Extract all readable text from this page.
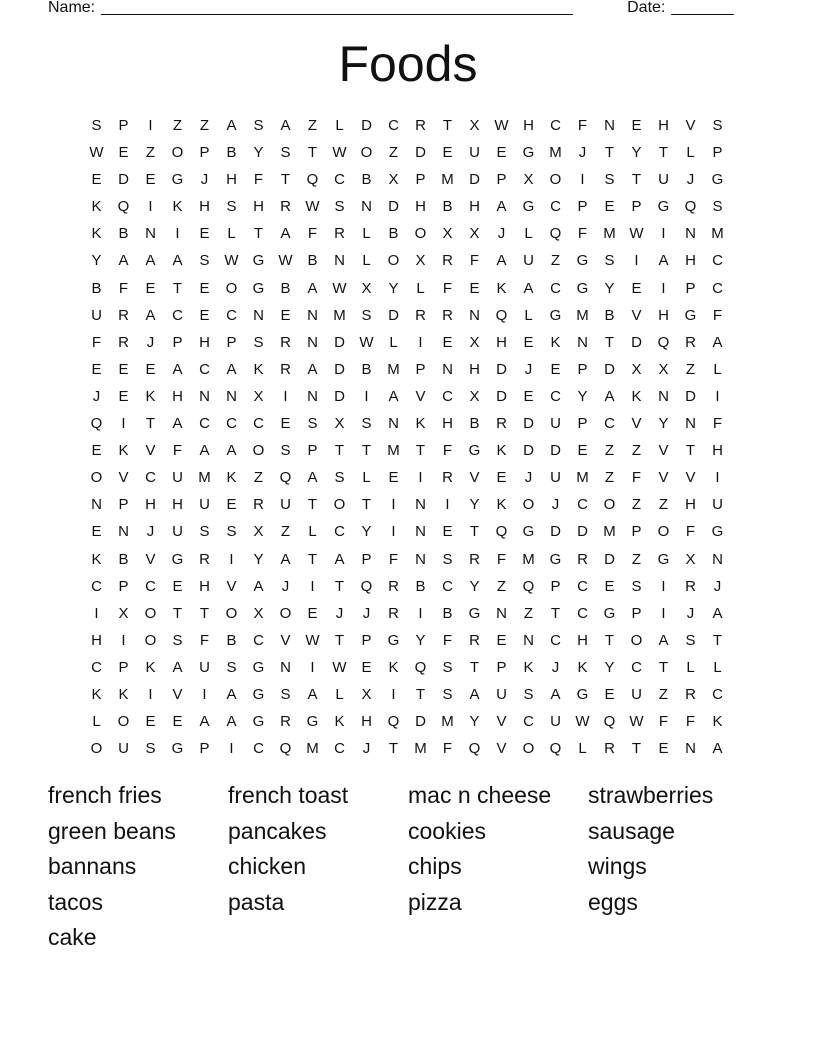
Name: _____________________________________________________	Date: _______
Foods
S	P	I	Z	Z	A	S	A	Z	L	D	C	R	T	X W H	C	F	N	E	H	V	S
W E	Z	O	P	B	Y	S	T	W O	Z	D	E	U	E	G M	J	T	Y	T	L	P
E	D	E	G	J	H	F	T	Q	C	B	X	P	M	D	P	X	O	I	S	T	U	J	G
K	Q	I	K	H	S	H	R W S	N	D	H	B	H	A	G	C	P	E	P	G	Q	S
K	B	N	I	E	L	T	A	F	R	L	B	O	X	X	J	L	Q	F	M W	I	N	M
Y	A	A	A	S W G W B	N	L	O	X	R	F	A	U	Z	G	S	I	A	H	C
B	F	E	T	E	O	G	B	A W X	Y	L	F	E	K	A	C	G	Y	E	I	P	C
U	R	A	C	E	C	N	E	N	M	S	D	R	R	N	Q	L	G M	B	V	H	G	F
F	R	J	P	H	P	S	R	N	D W	L	I	E	X	H	E	K	N	T	D	Q	R	A
E	E	E	A	C	A	K	R	A	D	B	M	P	N	H	D	J	E	P	D	X	X	Z	L
J	E	K	H	N	N	X	I	N	D	I	A	V	C	X	D	E	C	Y	A	K	N	D	I
Q	I	T	A	C	C	C	E	S	X	S	N	K	H	B	R	D	U	P	C	V	Y	N	F
E	K	V	F	A	A	O	S	P	T	T	M	T	F	G	K	D	D	E	Z	Z	V	T	H
O	V	C	U	M	K	Z	Q	A	S	L	E	I	R	V	E	J	U	M	Z	F	V	V	I
N	P	H	H	U	E	R	U	T	O	T	I	N	I	Y	K	O	J	C	O	Z	Z	H	U
E	N	J	U	S	S	X	Z	L	C	Y	I	N	E	T	Q	G	D	D	M	P	O	F	G
K	B	V	G	R	I	Y	A	T	A	P	F	N	S	R	F	M G	R	D	Z	G	X	N
C	P	C	E	H	V	A	J	I	T	Q	R	B	C	Y	Z	Q	P	C	E	S	I	R	J
I	X	O	T	T	O	X	O	E	J	J	R	I	B	G	N	Z	T	C	G	P	I	J	A
H	I	O	S	F	B	C	V W	T	P	G	Y	F	R	E	N	C	H	T	O	A	S	T
C	P	K	A	U	S	G	N	I	W E	K	Q	S	T	P	K	J	K	Y	C	T	L	L
K	K	I	V	I	A	G	S	A	L	X	I	T	S	A	U	S	A	G	E	U	Z	R	C
L	O	E	E	A	A	G	R	G	K	H	Q	D	M	Y	V	C	U W Q W	F	F	K
O	U	S	G	P	I	C	Q M	C	J	T	M	F	Q	V	O	Q	L	R	T	E	N	A
french fries	french toast	mac n cheese	strawberries
green beans	pancakes	cookies	sausage
bannans	chicken	chips	wings
tacos	pasta	pizza	eggs
cake
